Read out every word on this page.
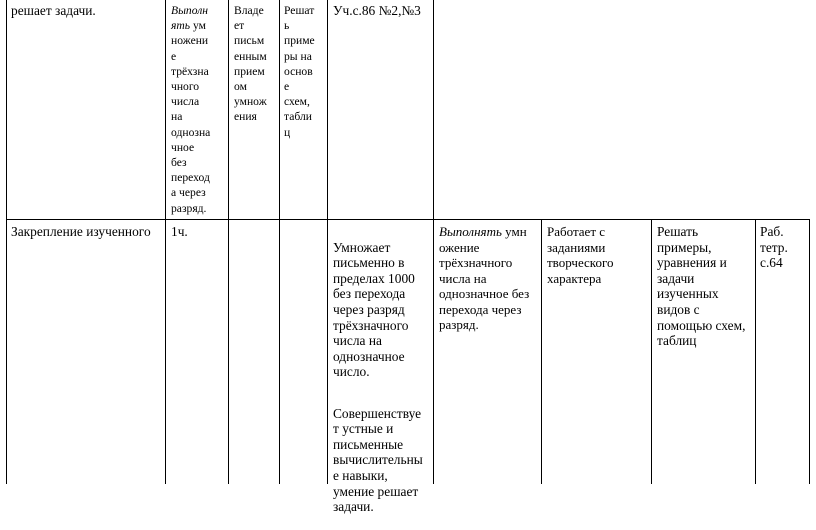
решает задачи.	Выполн
ять ум
ножени
е
трёхзна
чного
числа
на
однозна
чное
без
переход
а через
разряд.
Владе
ет
письм
енным
прием
ом
умнож
ения
Решат
ь
приме
ры на
основ
е
схем,
табли
ц
Уч.с.86 №2,№3
Закрепление изученного	1ч.

Умножает
письменно в
пределах 1000
без перехода
через разряд
трёхзначного
числа на
однозначное
число.

Совершенствуе
т устные и
письменные
вычислительны
е навыки,
умение решает
задачи.

Выполнять умн
ожение
трёхзначного
числа на
однозначное без
перехода через
разряд.
Работает с
заданиями
творческого
характера
Решать
примеры,
уравнения и
задачи
изученных
видов с
помощью схем,
таблиц
Раб.
тетр.
с.64
